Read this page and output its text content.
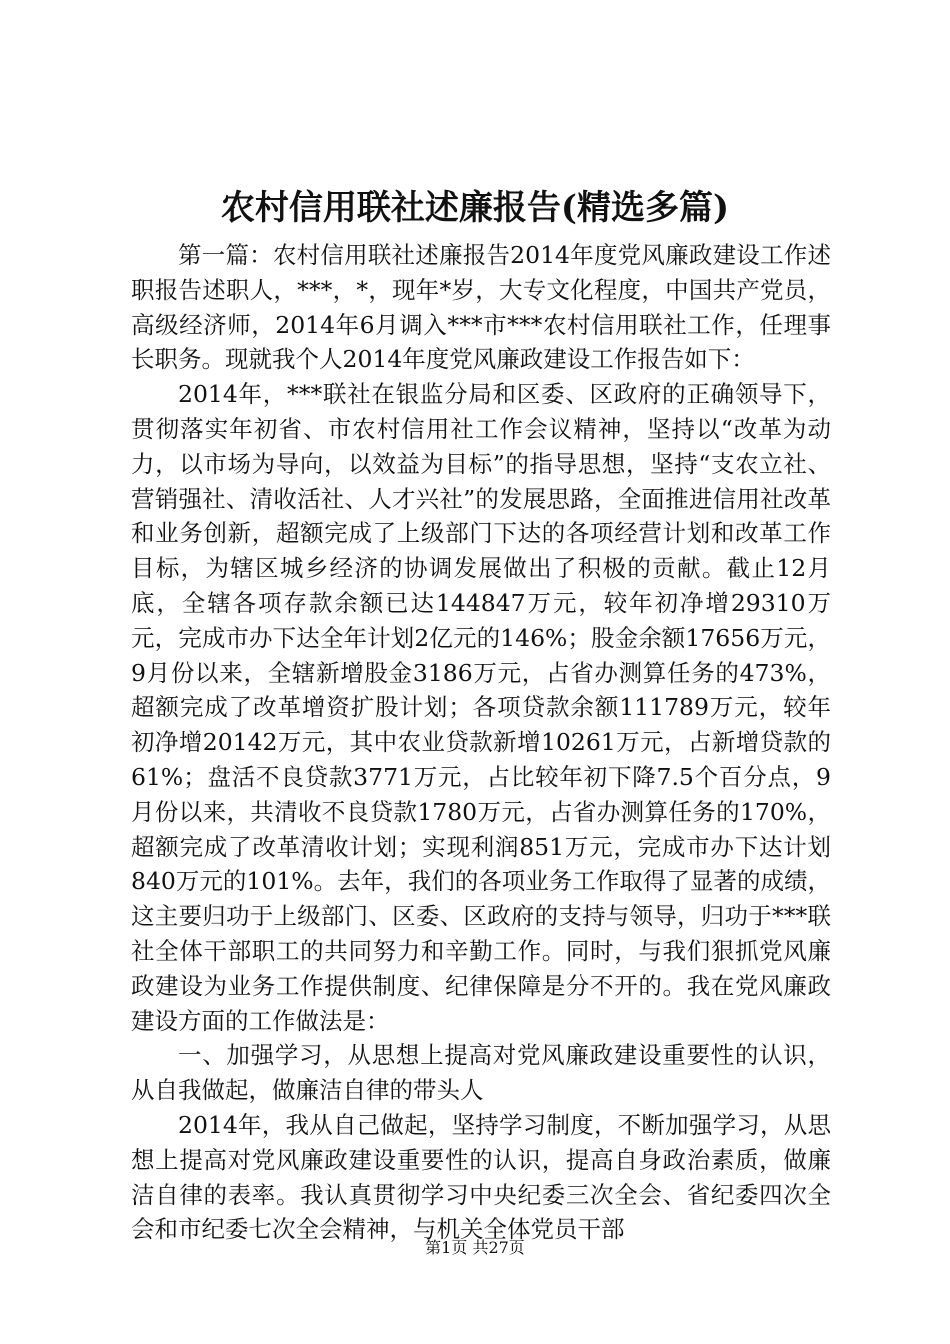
农村信用联社述廉报告(精选多篇)

第一篇：农村信用联社述廉报告2014年度党风廉政建设工作述职报告述职人，***，*，现年*岁，大专文化程度，中国共产党员，高级经济师，2014年6月调入***市***农村信用联社工作，任理事长职务。现就我个人2014年度党风廉政建设工作报告如下：

2014年，***联社在银监分局和区委、区政府的正确领导下，贯彻落实年初省、市农村信用社工作会议精神，坚持以“改革为动力，以市场为导向，以效益为目标”的指导思想，坚持“支农立社、营销强社、清收活社、人才兴社”的发展思路，全面推进信用社改革和业务创新，超额完成了上级部门下达的各项经营计划和改革工作目标，为辖区城乡经济的协调发展做出了积极的贡献。截止12月底，全辖各项存款余额已达144847万元，较年初净增29310万元，完成市办下达全年计划2亿元的146%；股金余额17656万元，9月份以来，全辖新增股金3186万元，占省办测算任务的473%，超额完成了改革增资扩股计划；各项贷款余额111789万元，较年初净增20142万元，其中农业贷款新增10261万元，占新增贷款的61%；盘活不良贷款3771万元，占比较年初下降7.5个百分点，9月份以来，共清收不良贷款1780万元，占省办测算任务的170%，超额完成了改革清收计划；实现利润851万元，完成市办下达计划840万元的101%。去年，我们的各项业务工作取得了显著的成绩，这主要归功于上级部门、区委、区政府的支持与领导，归功于***联社全体干部职工的共同努力和辛勤工作。同时，与我们狠抓党风廉政建设为业务工作提供制度、纪律保障是分不开的。我在党风廉政建设方面的工作做法是：

一、加强学习，从思想上提高对党风廉政建设重要性的认识，从自我做起，做廉洁自律的带头人

2014年，我从自己做起，坚持学习制度，不断加强学习，从思想上提高对党风廉政建设重要性的认识，提高自身政治素质，做廉洁自律的表率。我认真贯彻学习中央纪委三次全会、省纪委四次全会和市纪委七次全会精神，与机关全体党员干部

第1页 共27页
